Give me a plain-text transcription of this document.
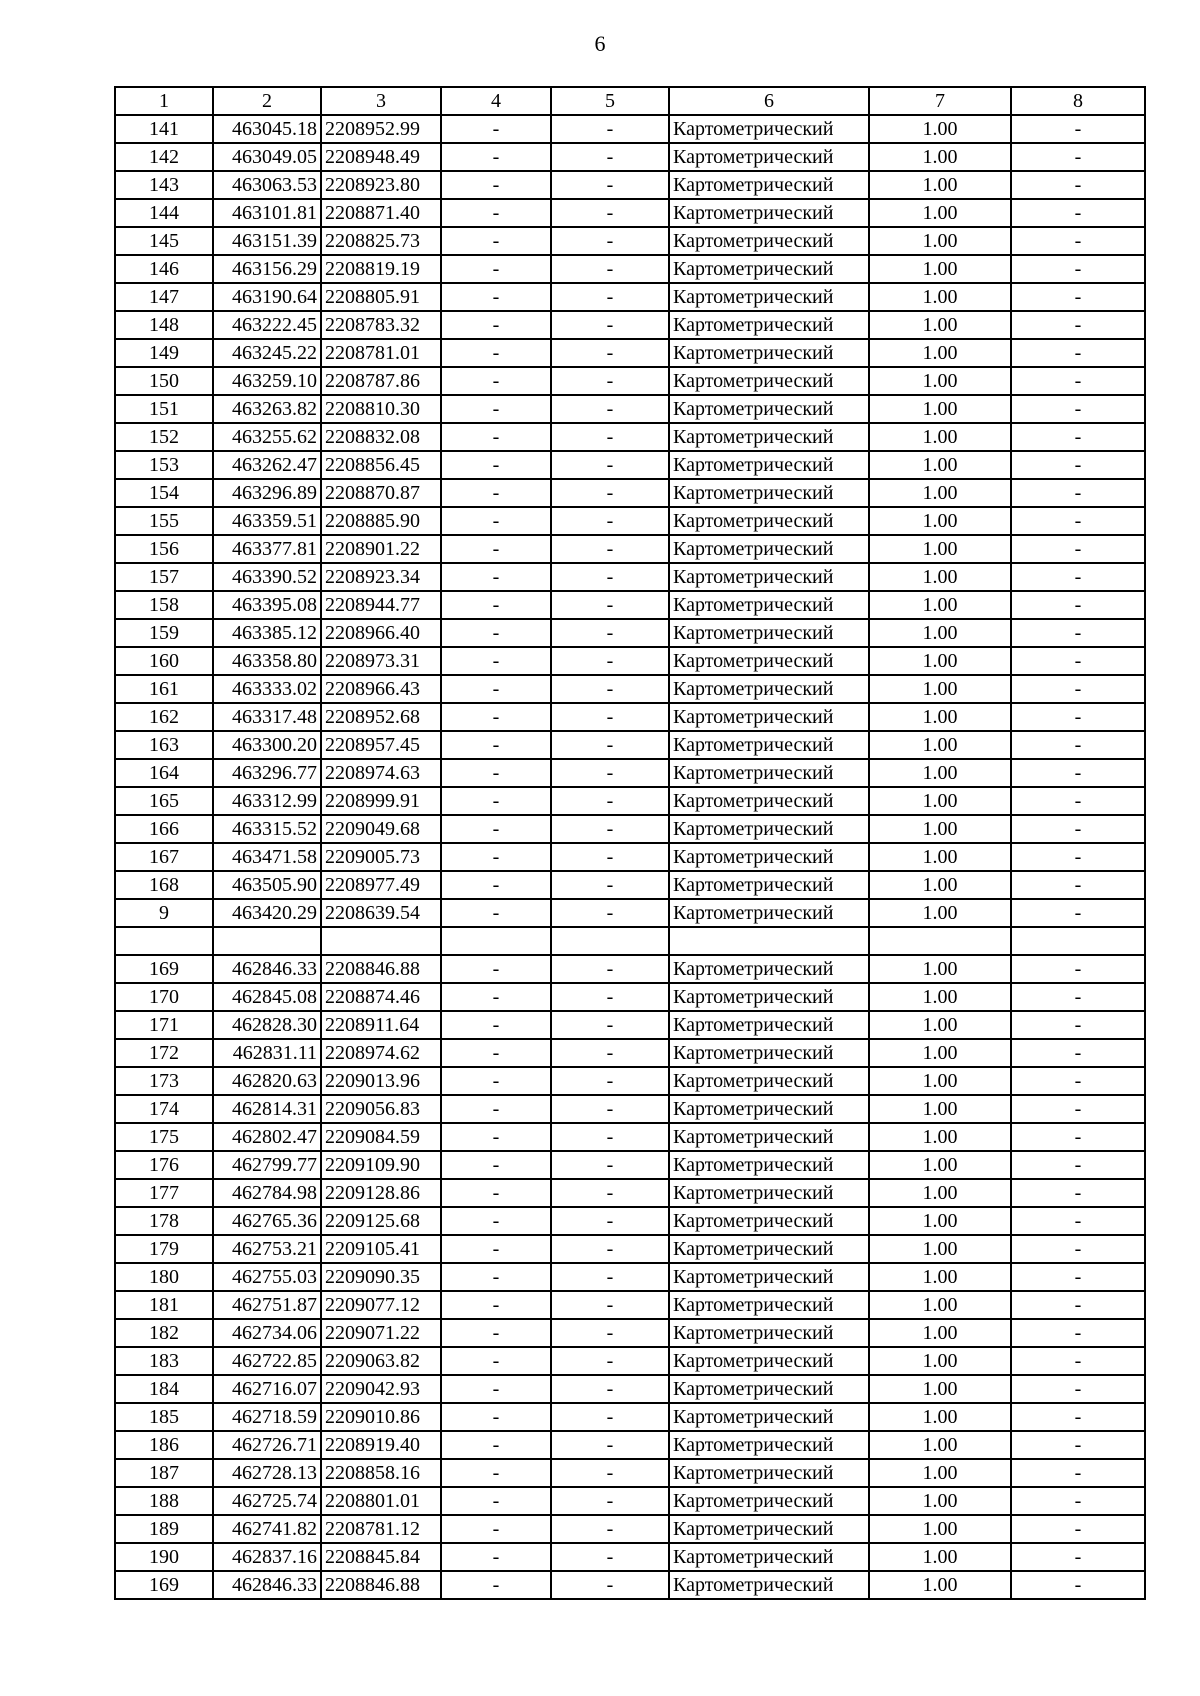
6
1	2	3	4	5	6	7	8
141	463045.18	2208952.99	-	-	Картометрический	1.00	-
142	463049.05	2208948.49	-	-	Картометрический	1.00	-
143	463063.53	2208923.80	-	-	Картометрический	1.00	-
144	463101.81	2208871.40	-	-	Картометрический	1.00	-
145	463151.39	2208825.73	-	-	Картометрический	1.00	-
146	463156.29	2208819.19	-	-	Картометрический	1.00	-
147	463190.64	2208805.91	-	-	Картометрический	1.00	-
148	463222.45	2208783.32	-	-	Картометрический	1.00	-
149	463245.22	2208781.01	-	-	Картометрический	1.00	-
150	463259.10	2208787.86	-	-	Картометрический	1.00	-
151	463263.82	2208810.30	-	-	Картометрический	1.00	-
152	463255.62	2208832.08	-	-	Картометрический	1.00	-
153	463262.47	2208856.45	-	-	Картометрический	1.00	-
154	463296.89	2208870.87	-	-	Картометрический	1.00	-
155	463359.51	2208885.90	-	-	Картометрический	1.00	-
156	463377.81	2208901.22	-	-	Картометрический	1.00	-
157	463390.52	2208923.34	-	-	Картометрический	1.00	-
158	463395.08	2208944.77	-	-	Картометрический	1.00	-
159	463385.12	2208966.40	-	-	Картометрический	1.00	-
160	463358.80	2208973.31	-	-	Картометрический	1.00	-
161	463333.02	2208966.43	-	-	Картометрический	1.00	-
162	463317.48	2208952.68	-	-	Картометрический	1.00	-
163	463300.20	2208957.45	-	-	Картометрический	1.00	-
164	463296.77	2208974.63	-	-	Картометрический	1.00	-
165	463312.99	2208999.91	-	-	Картометрический	1.00	-
166	463315.52	2209049.68	-	-	Картометрический	1.00	-
167	463471.58	2209005.73	-	-	Картометрический	1.00	-
168	463505.90	2208977.49	-	-	Картометрический	1.00	-
9	463420.29	2208639.54	-	-	Картометрический	1.00	-

169	462846.33	2208846.88	-	-	Картометрический	1.00	-
170	462845.08	2208874.46	-	-	Картометрический	1.00	-
171	462828.30	2208911.64	-	-	Картометрический	1.00	-
172	462831.11	2208974.62	-	-	Картометрический	1.00	-
173	462820.63	2209013.96	-	-	Картометрический	1.00	-
174	462814.31	2209056.83	-	-	Картометрический	1.00	-
175	462802.47	2209084.59	-	-	Картометрический	1.00	-
176	462799.77	2209109.90	-	-	Картометрический	1.00	-
177	462784.98	2209128.86	-	-	Картометрический	1.00	-
178	462765.36	2209125.68	-	-	Картометрический	1.00	-
179	462753.21	2209105.41	-	-	Картометрический	1.00	-
180	462755.03	2209090.35	-	-	Картометрический	1.00	-
181	462751.87	2209077.12	-	-	Картометрический	1.00	-
182	462734.06	2209071.22	-	-	Картометрический	1.00	-
183	462722.85	2209063.82	-	-	Картометрический	1.00	-
184	462716.07	2209042.93	-	-	Картометрический	1.00	-
185	462718.59	2209010.86	-	-	Картометрический	1.00	-
186	462726.71	2208919.40	-	-	Картометрический	1.00	-
187	462728.13	2208858.16	-	-	Картометрический	1.00	-
188	462725.74	2208801.01	-	-	Картометрический	1.00	-
189	462741.82	2208781.12	-	-	Картометрический	1.00	-
190	462837.16	2208845.84	-	-	Картометрический	1.00	-
169	462846.33	2208846.88	-	-	Картометрический	1.00	-
